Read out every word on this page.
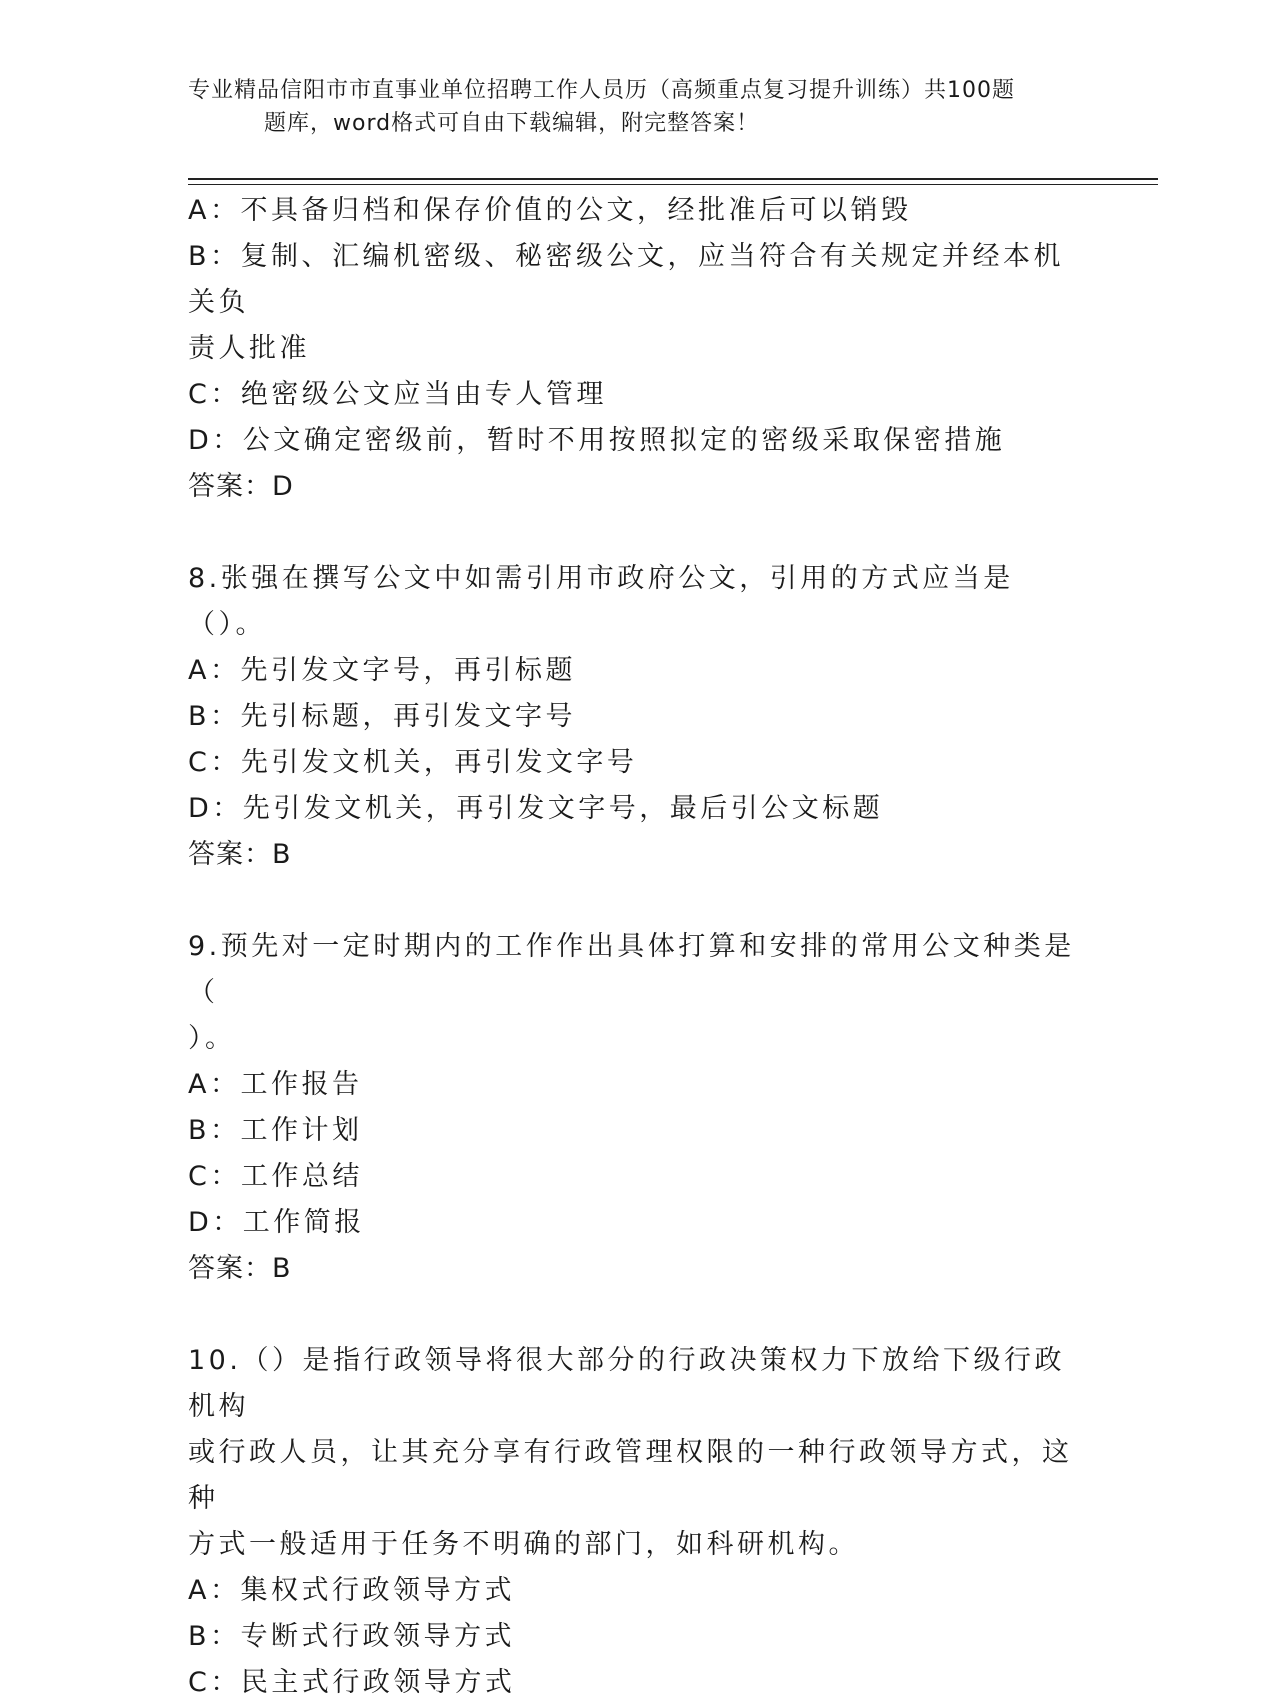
专业精品信阳市市直事业单位招聘工作人员历（高频重点复习提升训练）共100题
题库，word格式可自由下载编辑，附完整答案！

A：不具备归档和保存价值的公文，经批准后可以销毁

B：复制、汇编机密级、秘密级公文，应当符合有关规定并经本机关负

责人批准

C：绝密级公文应当由专人管理

D：公文确定密级前，暂时不用按照拟定的密级采取保密措施

答案：D

8.张强在撰写公文中如需引用市政府公文，引用的方式应当是（）。

A：先引发文字号，再引标题

B：先引标题，再引发文字号

C：先引发文机关，再引发文字号

D：先引发文机关，再引发文字号，最后引公文标题

答案：B

9.预先对一定时期内的工作作出具体打算和安排的常用公文种类是（

）。

A：工作报告

B：工作计划

C：工作总结

D：工作简报

答案：B

10.（）是指行政领导将很大部分的行政决策权力下放给下级行政机构

或行政人员，让其充分享有行政管理权限的一种行政领导方式，这种

方式一般适用于任务不明确的部门，如科研机构。

A：集权式行政领导方式

B：专断式行政领导方式

C：民主式行政领导方式
